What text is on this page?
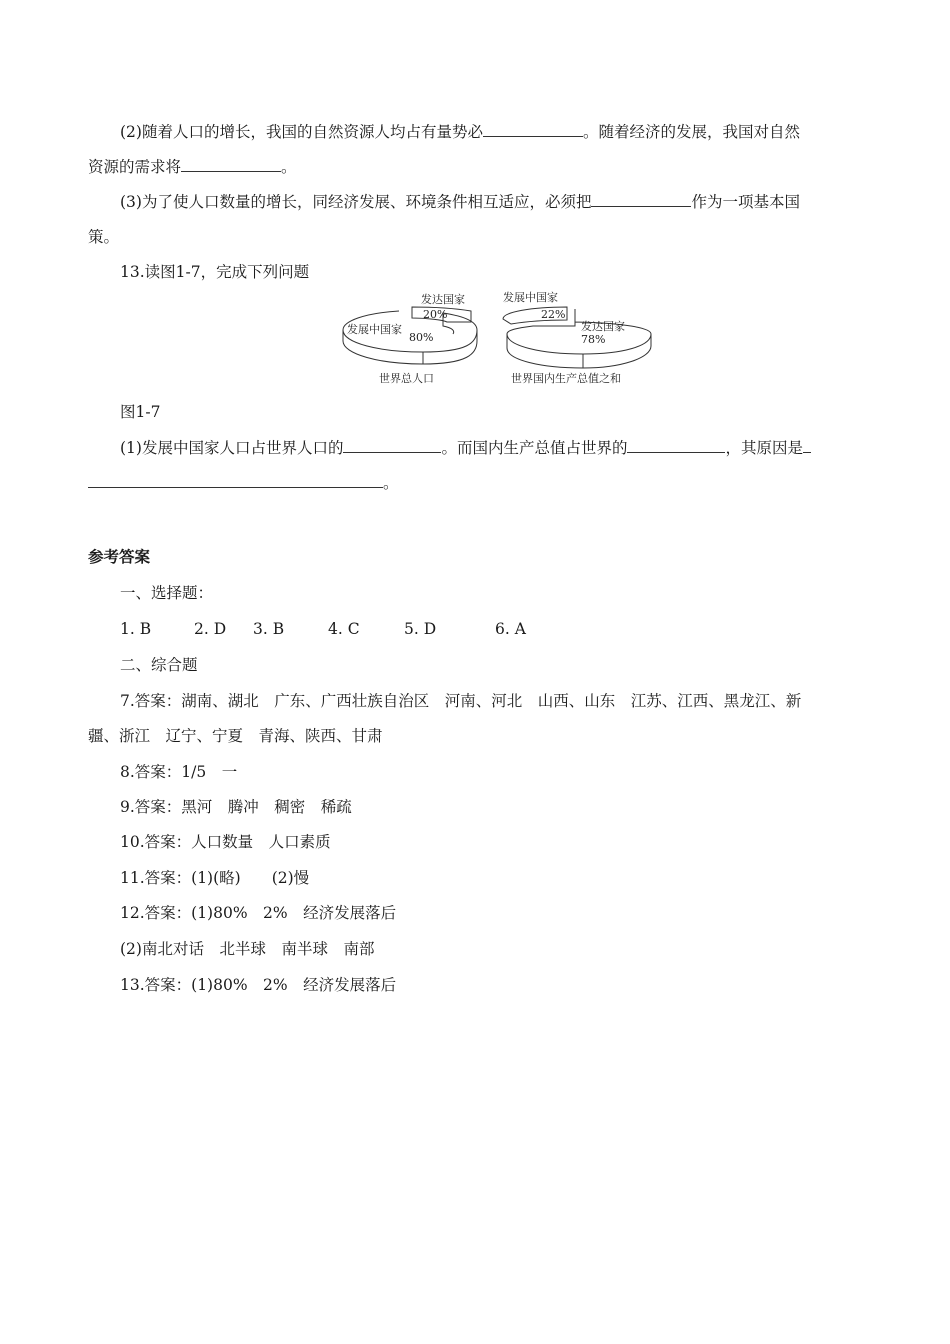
(2)随着人口的增长，我国的自然资源人均占有量势必	。随着经济的发展，我国对自然
资源的需求将	。
(3)为了使人口数量的增长，同经济发展、环境条件相互适应，必须把	作为一项基本国
策。
13.读图1-7，完成下列问题
发达国家
20%
发展中国家
80%
世界总人口
发展中国家
22%
发达国家
78%
世界国内生产总值之和
图1-7
(1)发展中国家人口占世界人口的	。而国内生产总值占世界的	，其原因是
。
参考答案
一、选择题：
1. B	2. D 3. B	4. C	5. D	6. A
二、综合题
7.答案：湖南、湖北　广东、广西壮族自治区　河南、河北　山西、山东　江苏、江西、黑龙江、新
疆、浙江　辽宁、宁夏　青海、陕西、甘肃
8.答案：1/5　一
9.答案：黑河　腾冲　稠密　稀疏
10.答案：人口数量　人口素质
11.答案：(1)(略)　　(2)慢
12.答案：(1)80%　2%　经济发展落后
(2)南北对话　北半球　南半球　南部
13.答案：(1)80%　2%　经济发展落后
